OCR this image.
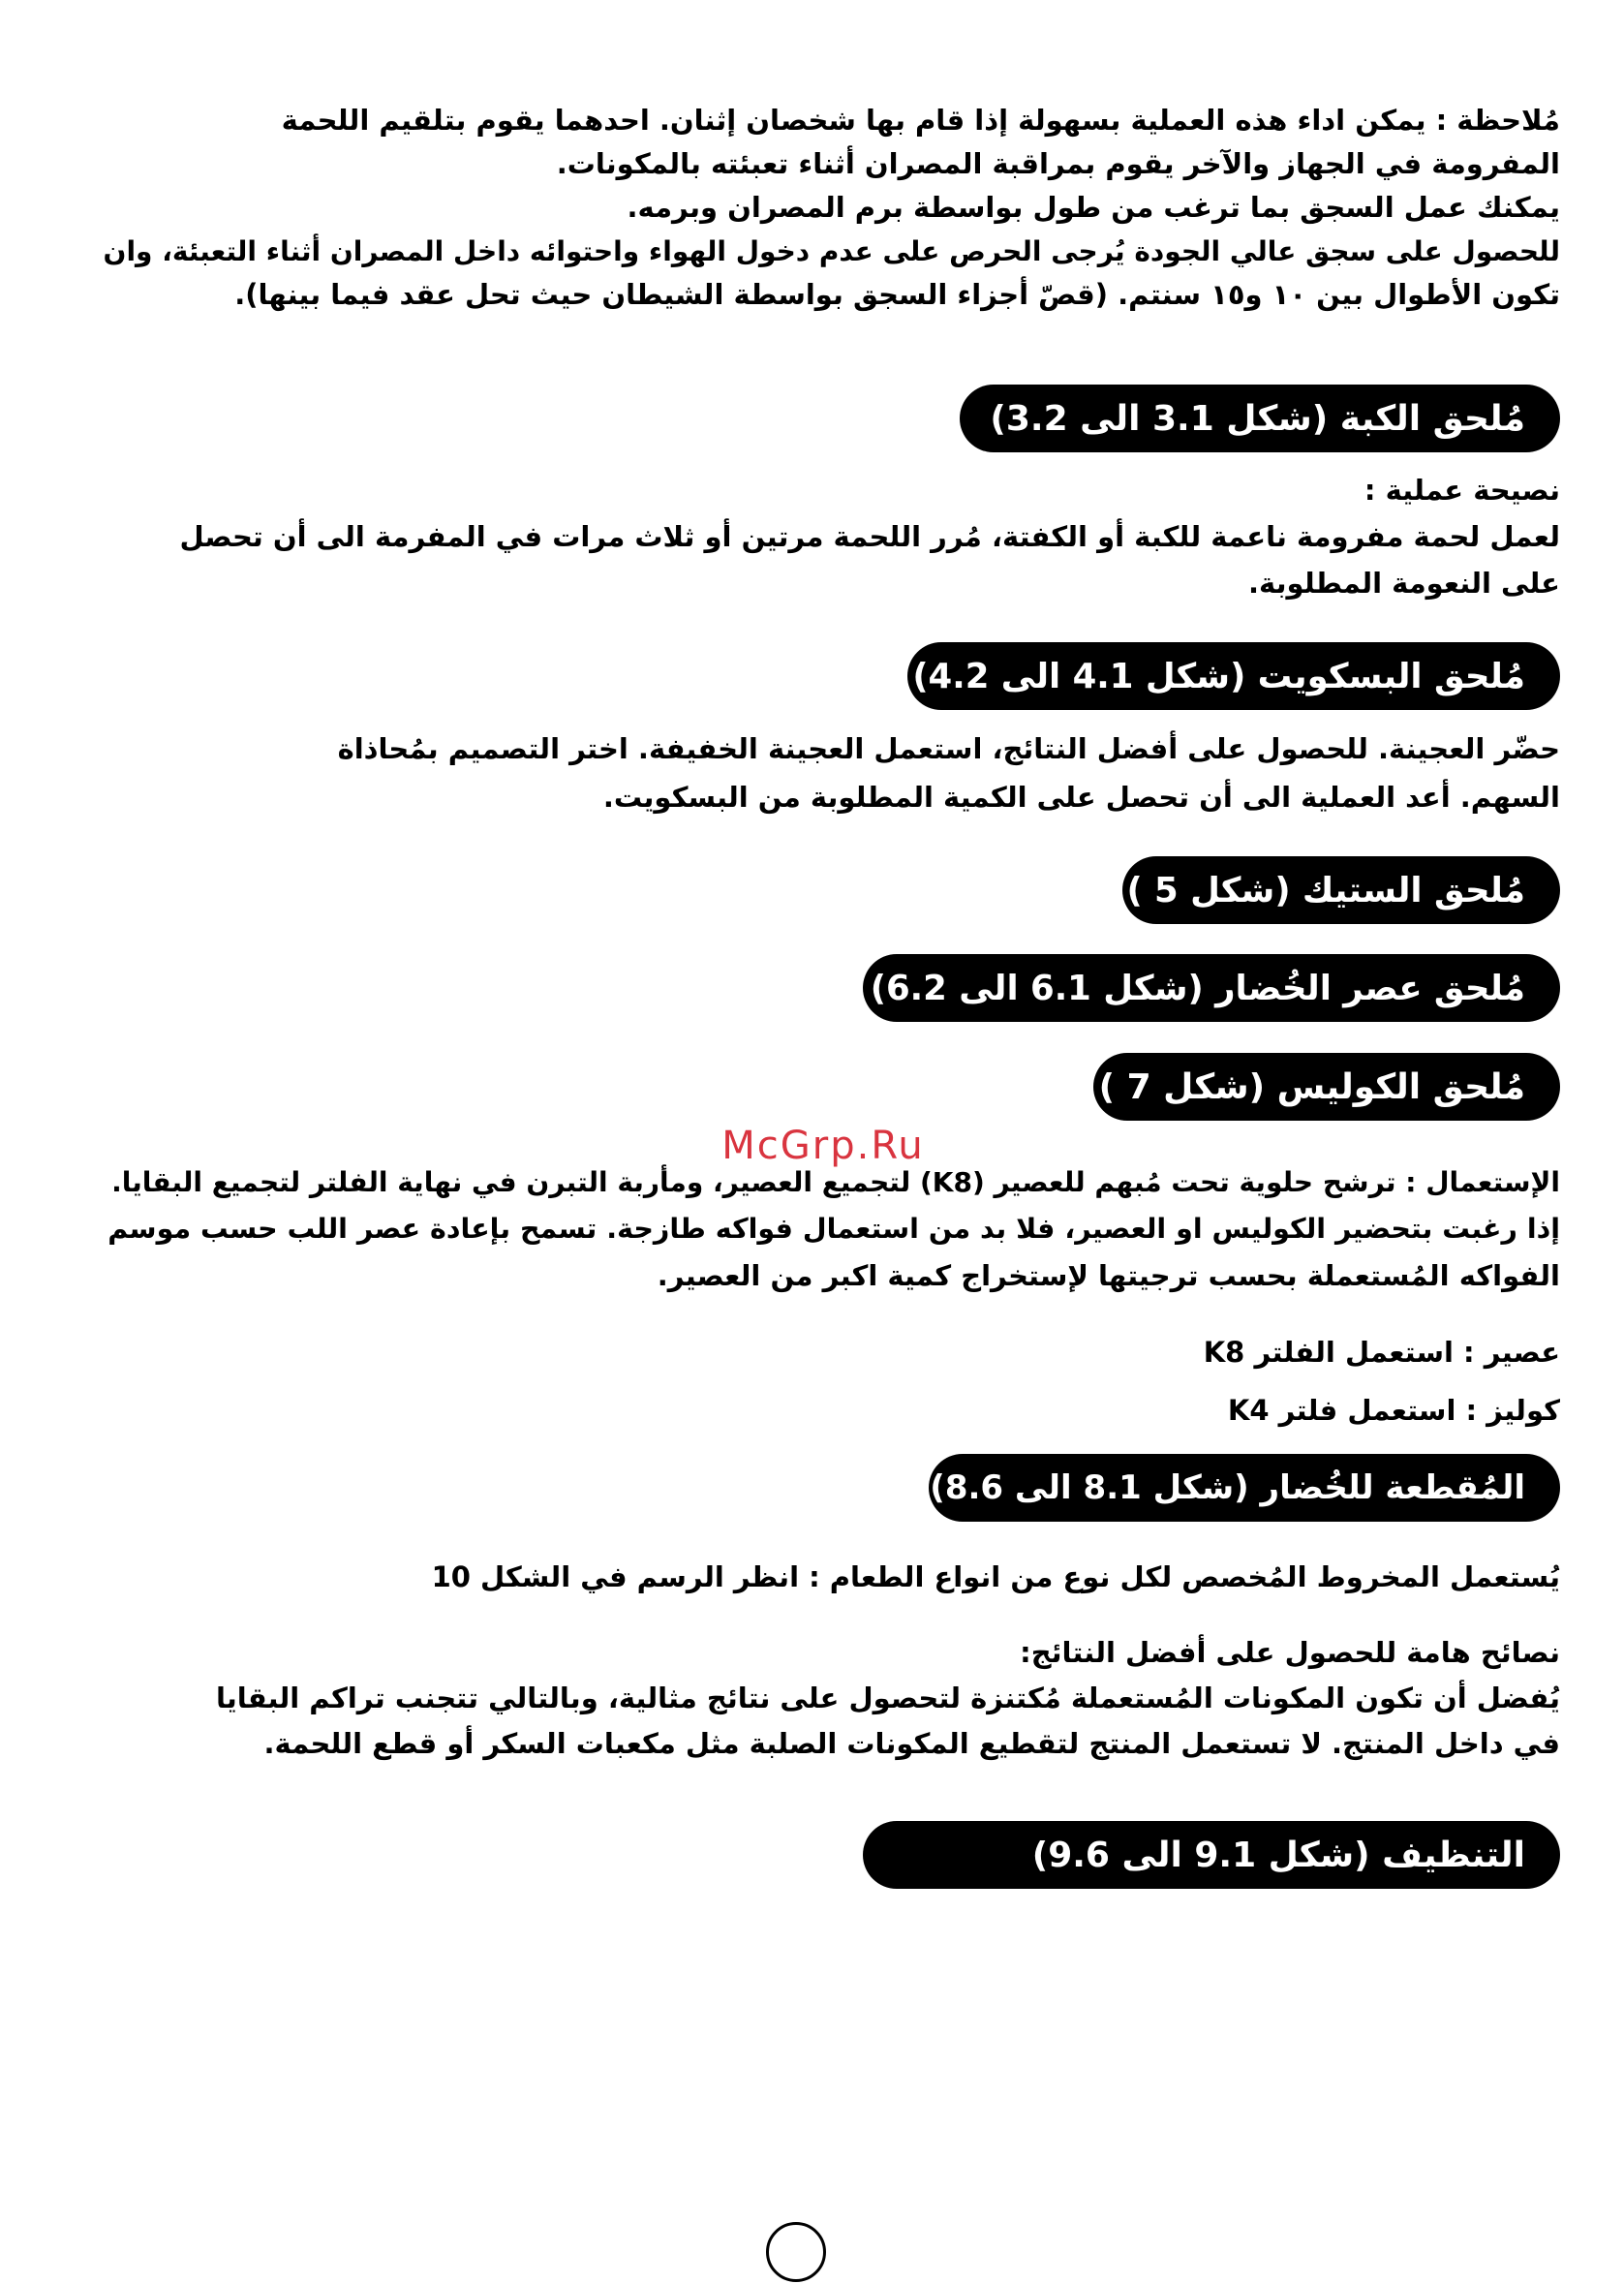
مُلاحظة : يمكن اداء هذه العملية بسهولة إذا قام بها شخصان إثنان. احدهما يقوم بتلقيم اللحمة

المفرومة في الجهاز والآخر يقوم بمراقبة المصران أثناء تعبئته بالمكونات.

يمكنك عمل السجق بما ترغب من طول بواسطة برم المصران وبرمه.

للحصول على سجق عالي الجودة يُرجى الحرص على عدم دخول الهواء واحتوائه داخل المصران أثناء التعبئة، وان

تكون الأطوال بين ١٠ و١٥ سنتم. (قصّ أجزاء السجق بواسطة الشيطان حيث تحل عقد فيما بينها).

مُلحق الكبة (شكل 3.1 الى 3.2)

نصيحة عملية :

لعمل لحمة مفرومة ناعمة للكبة أو الكفتة، مُرر اللحمة مرتين أو ثلاث مرات في المفرمة الى أن تحصل

على النعومة المطلوبة.

مُلحق البسكويت (شكل 4.1 الى 4.2)

حضّر العجينة. للحصول على أفضل النتائج، استعمل العجينة الخفيفة. اختر التصميم بمُحاذاة

السهم. أعد العملية الى أن تحصل على الكمية المطلوبة من البسكويت.

مُلحق الستيك (شكل 5 )
مُلحق عصر الخُضار (شكل 6.1 الى 6.2)
مُلحق الكوليس (شكل 7 )
McGrp.Ru

الإستعمال : ترشح حلوية تحت مُبهم للعصير (K8) لتجميع العصير، ومأربة التبرن في نهاية الفلتر لتجميع البقايا.

إذا رغبت بتحضير الكوليس او العصير، فلا بد من استعمال فواكه طازجة. تسمح بإعادة عصر اللب حسب موسم

الفواكه المُستعملة بحسب ترجيتها لإستخراج كمية اكبر من العصير.

عصير : استعمل الفلتر K8

كوليز : استعمل فلتر K4

المُقطعة للخُضار (شكل 8.1 الى 8.6)

يُستعمل المخروط المُخصص لكل نوع من انواع الطعام : انظر الرسم في الشكل 10

نصائح هامة للحصول على أفضل النتائج:

يُفضل أن تكون المكونات المُستعملة مُكتنزة لتحصول على نتائج مثالية، وبالتالي تتجنب تراكم البقايا

في داخل المنتج. لا تستعمل المنتج لتقطيع المكونات الصلبة مثل مكعبات السكر أو قطع اللحمة.

التنظيف (شكل 9.1 الى 9.6)
